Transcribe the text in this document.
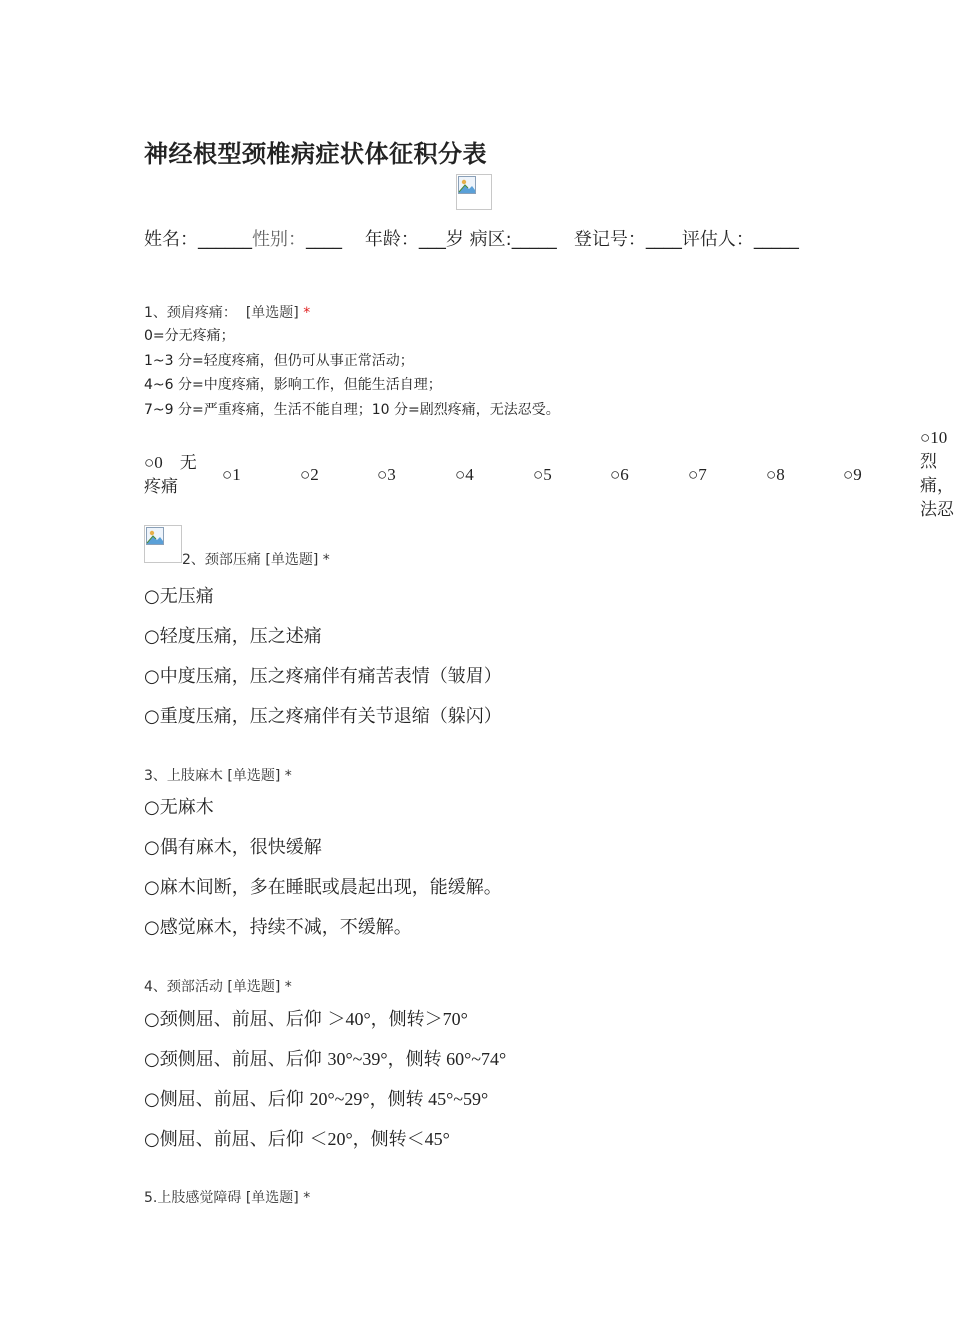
神经根型颈椎病症状体征积分表
姓名：______性别：____ 年龄：___岁 病区:_____ 登记号：____评估人：_____
1、颈肩疼痛： [单选题] *
0=分无疼痛；
1~3 分=轻度疼痛，但仍可从事正常活动；
4~6 分=中度疼痛，影响工作，但能生活自理；
7~9 分=严重疼痛，生活不能自理；10 分=剧烈疼痛，无法忍受。
○0　无
疼痛
○1	○2	○3	○4	○5	○6	○7	○8	○9
○10
烈
痛，
法忍
2、颈部压痛 [单选题] *
○无压痛
○轻度压痛，压之述痛
○中度压痛，压之疼痛伴有痛苦表情（皱眉）
○重度压痛，压之疼痛伴有关节退缩（躲闪）
3、上肢麻木 [单选题] *
○无麻木
○偶有麻木，很快缓解
○麻木间断，多在睡眠或晨起出现，能缓解。
○感觉麻木，持续不减，不缓解。
4、颈部活动 [单选题] *
○颈侧屈、前屈、后仰 ＞40°，侧转＞70°
○颈侧屈、前屈、后仰 30°~39°，侧转 60°~74°
○侧屈、前屈、后仰 20°~29°，侧转 45°~59°
○侧屈、前屈、后仰 ＜20°，侧转＜45°
5.上肢感觉障碍 [单选题] *
